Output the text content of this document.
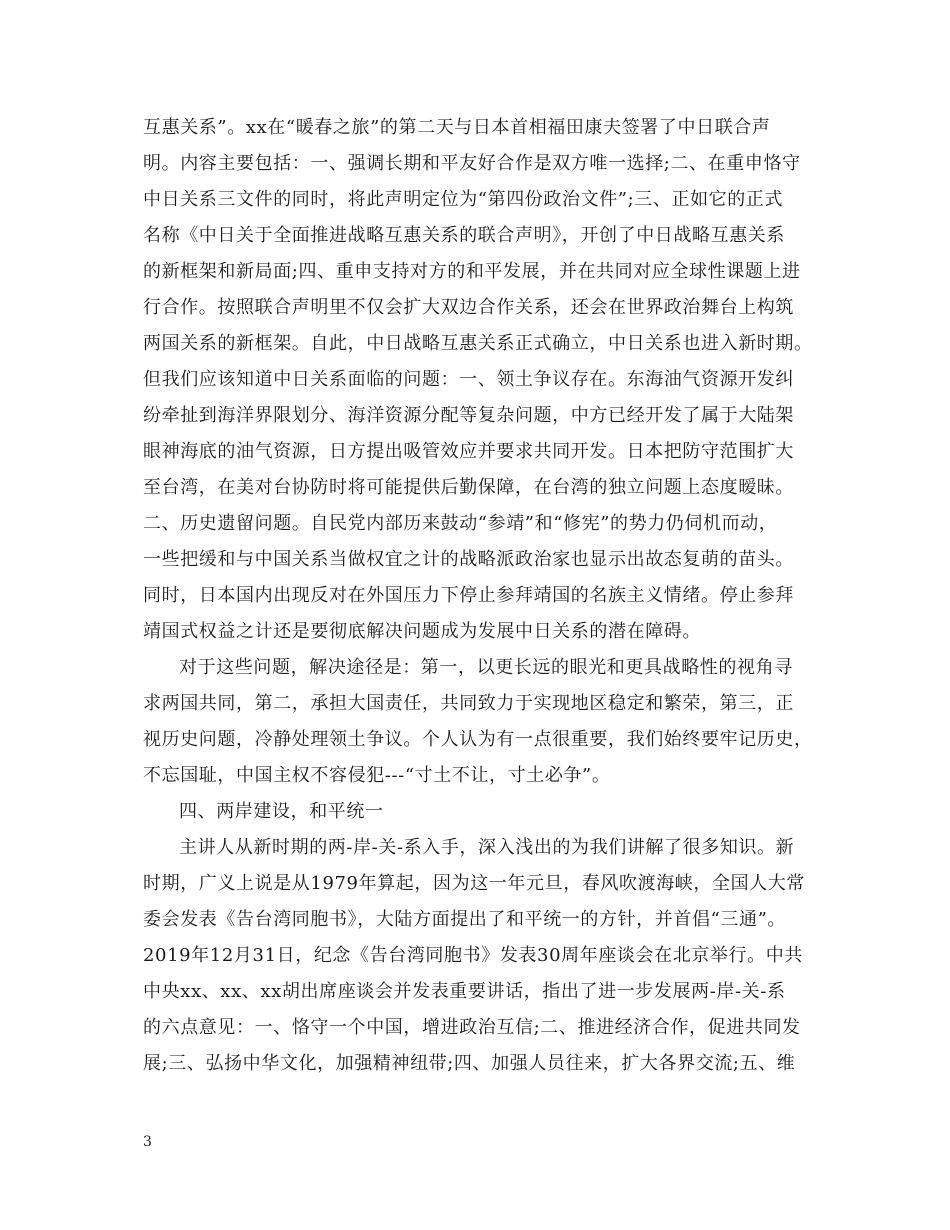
互惠关系”。xx在“暖春之旅”的第二天与日本首相福田康夫签署了中日联合声
明。内容主要包括：一、强调长期和平友好合作是双方唯一选择;二、在重申恪守
中日关系三文件的同时，将此声明定位为“第四份政治文件”;三、正如它的正式
名称《中日关于全面推进战略互惠关系的联合声明》，开创了中日战略互惠关系
的新框架和新局面;四、重申支持对方的和平发展，并在共同对应全球性课题上进
行合作。按照联合声明里不仅会扩大双边合作关系，还会在世界政治舞台上构筑
两国关系的新框架。自此，中日战略互惠关系正式确立，中日关系也进入新时期。
但我们应该知道中日关系面临的问题：一、领土争议存在。东海油气资源开发纠
纷牵扯到海洋界限划分、海洋资源分配等复杂问题，中方已经开发了属于大陆架
眼神海底的油气资源，日方提出吸管效应并要求共同开发。日本把防守范围扩大
至台湾，在美对台协防时将可能提供后勤保障，在台湾的独立问题上态度暧昧。
二、历史遗留问题。自民党内部历来鼓动“参靖”和“修宪”的势力仍伺机而动，
一些把缓和与中国关系当做权宜之计的战略派政治家也显示出故态复萌的苗头。
同时，日本国内出现反对在外国压力下停止参拜靖国的名族主义情绪。停止参拜
靖国式权益之计还是要彻底解决问题成为发展中日关系的潜在障碍。
对于这些问题，解决途径是：第一，以更长远的眼光和更具战略性的视角寻
求两国共同，第二，承担大国责任，共同致力于实现地区稳定和繁荣，第三，正
视历史问题，冷静处理领土争议。个人认为有一点很重要，我们始终要牢记历史，
不忘国耻，中国主权不容侵犯---“寸土不让，寸土必争”。
四、两岸建设，和平统一
主讲人从新时期的两-岸-关-系入手，深入浅出的为我们讲解了很多知识。新
时期，广义上说是从1979年算起，因为这一年元旦，春风吹渡海峡，全国人大常
委会发表《告台湾同胞书》，大陆方面提出了和平统一的方针，并首倡“三通”。
2019年12月31日，纪念《告台湾同胞书》发表30周年座谈会在北京举行。中共
中央xx、xx、xx胡出席座谈会并发表重要讲话，指出了进一步发展两-岸-关-系
的六点意见：一、恪守一个中国，增进政治互信;二、推进经济合作，促进共同发
展;三、弘扬中华文化，加强精神纽带;四、加强人员往来，扩大各界交流;五、维
3
